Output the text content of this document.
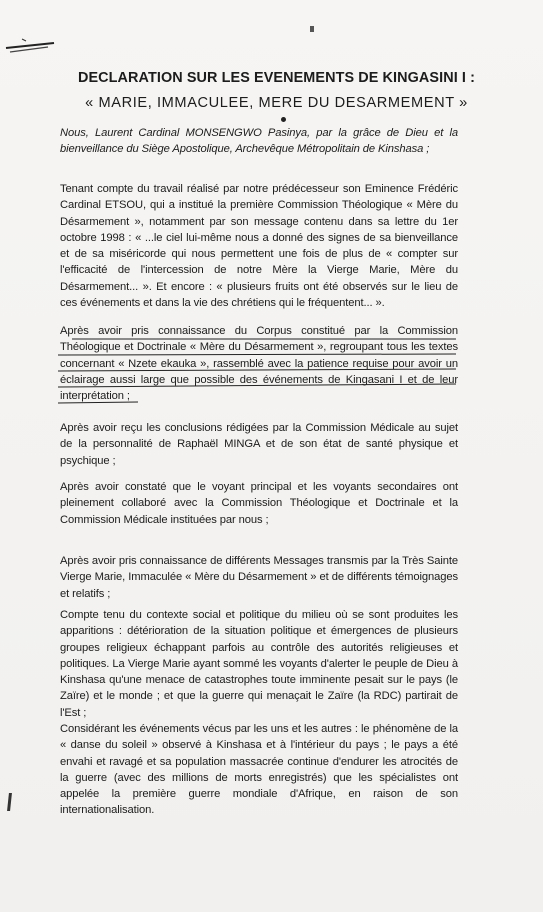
DECLARATION SUR LES EVENEMENTS DE KINGASINI I :
« MARIE, IMMACULEE, MERE DU DESARMEMENT »
Nous, Laurent Cardinal MONSENGWO Pasinya, par la grâce de Dieu et la bienveillance du Siège Apostolique, Archevêque Métropolitain de Kinshasa ;
Tenant compte du travail réalisé par notre prédécesseur son Eminence Frédéric Cardinal ETSOU, qui a institué la première Commission Théologique « Mère du Désarmement », notamment par son message contenu dans sa lettre du 1er octobre 1998 : « ...le ciel lui-même nous a donné des signes de sa bienveillance et de sa miséricorde qui nous permettent une fois de plus de « compter sur l'efficacité de l'intercession de notre Mère la Vierge Marie, Mère du Désarmement... ». Et encore : « plusieurs fruits ont été observés sur le lieu de ces événements et dans la vie des chrétiens qui le fréquentent... ».
Après avoir pris connaissance du Corpus constitué par la Commission Théologique et Doctrinale « Mère du Désarmement », regroupant tous les textes concernant « Nzete ekauka », rassemblé avec la patience requise pour avoir un éclairage aussi large que possible des événements de Kingasani I et de leur interprétation ;
Après avoir reçu les conclusions rédigées par la Commission Médicale au sujet de la personnalité de Raphaël MINGA et de son état de santé physique et psychique ;
Après avoir constaté que le voyant principal et les voyants secondaires ont pleinement collaboré avec la Commission Théologique et Doctrinale et la Commission Médicale instituées par nous ;
Après avoir pris connaissance de différents Messages transmis par la Très Sainte Vierge Marie, Immaculée « Mère du Désarmement » et de différents témoignages et relatifs ;
Compte tenu du contexte social et politique du milieu où se sont produites les apparitions : détérioration de la situation politique et émergences de plusieurs groupes religieux échappant parfois au contrôle des autorités religieuses et politiques. La Vierge Marie ayant sommé les voyants d'alerter le peuple de Dieu à Kinshasa qu'une menace de catastrophes toute imminente pesait sur le pays (le Zaïre) et le monde ; et que la guerre qui menaçait le Zaïre (la RDC) partirait de l'Est ;
Considérant les événements vécus par les uns et les autres : le phénomène de la « danse du soleil » observé à Kinshasa et à l'intérieur du pays ; le pays a été envahi et ravagé et sa population massacrée continue d'endurer les atrocités de la guerre (avec des millions de morts enregistrés) que les spécialistes ont appelée la première guerre mondiale d'Afrique, en raison de son internationalisation.
